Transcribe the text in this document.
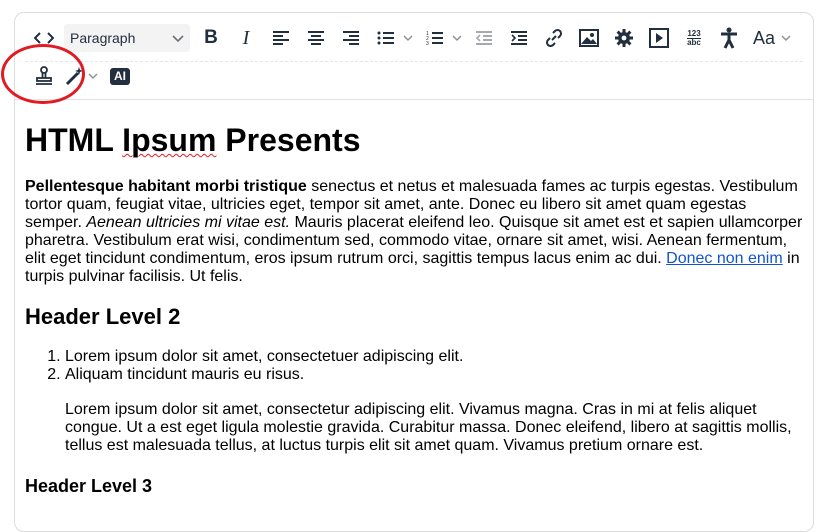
Paragraph	B I	1
2
3
123
abc	Aa
AI
HTML Ipsum Presents

Pellentesque habitant morbi tristique senectus et netus et malesuada fames ac turpis egestas. Vestibulum tortor quam, feugiat vitae, ultricies eget, tempor sit amet, ante. Donec eu libero sit amet quam egestas semper. Aenean ultricies mi vitae est. Mauris placerat eleifend leo. Quisque sit amet est et sapien ullamcorper pharetra. Vestibulum erat wisi, condimentum sed, commodo vitae, ornare sit amet, wisi. Aenean fermentum, elit eget tincidunt condimentum, eros ipsum rutrum orci, sagittis tempus lacus enim ac dui. Donec non enim in turpis pulvinar facilisis. Ut felis.

Header Level 2
1. Lorem ipsum dolor sit amet, consectetuer adipiscing elit.
2. Aliquam tincidunt mauris eu risus.

Lorem ipsum dolor sit amet, consectetur adipiscing elit. Vivamus magna. Cras in mi at felis aliquet congue. Ut a est eget ligula molestie gravida. Curabitur massa. Donec eleifend, libero at sagittis mollis, tellus est malesuada tellus, at luctus turpis elit sit amet quam. Vivamus pretium ornare est.

Header Level 3
